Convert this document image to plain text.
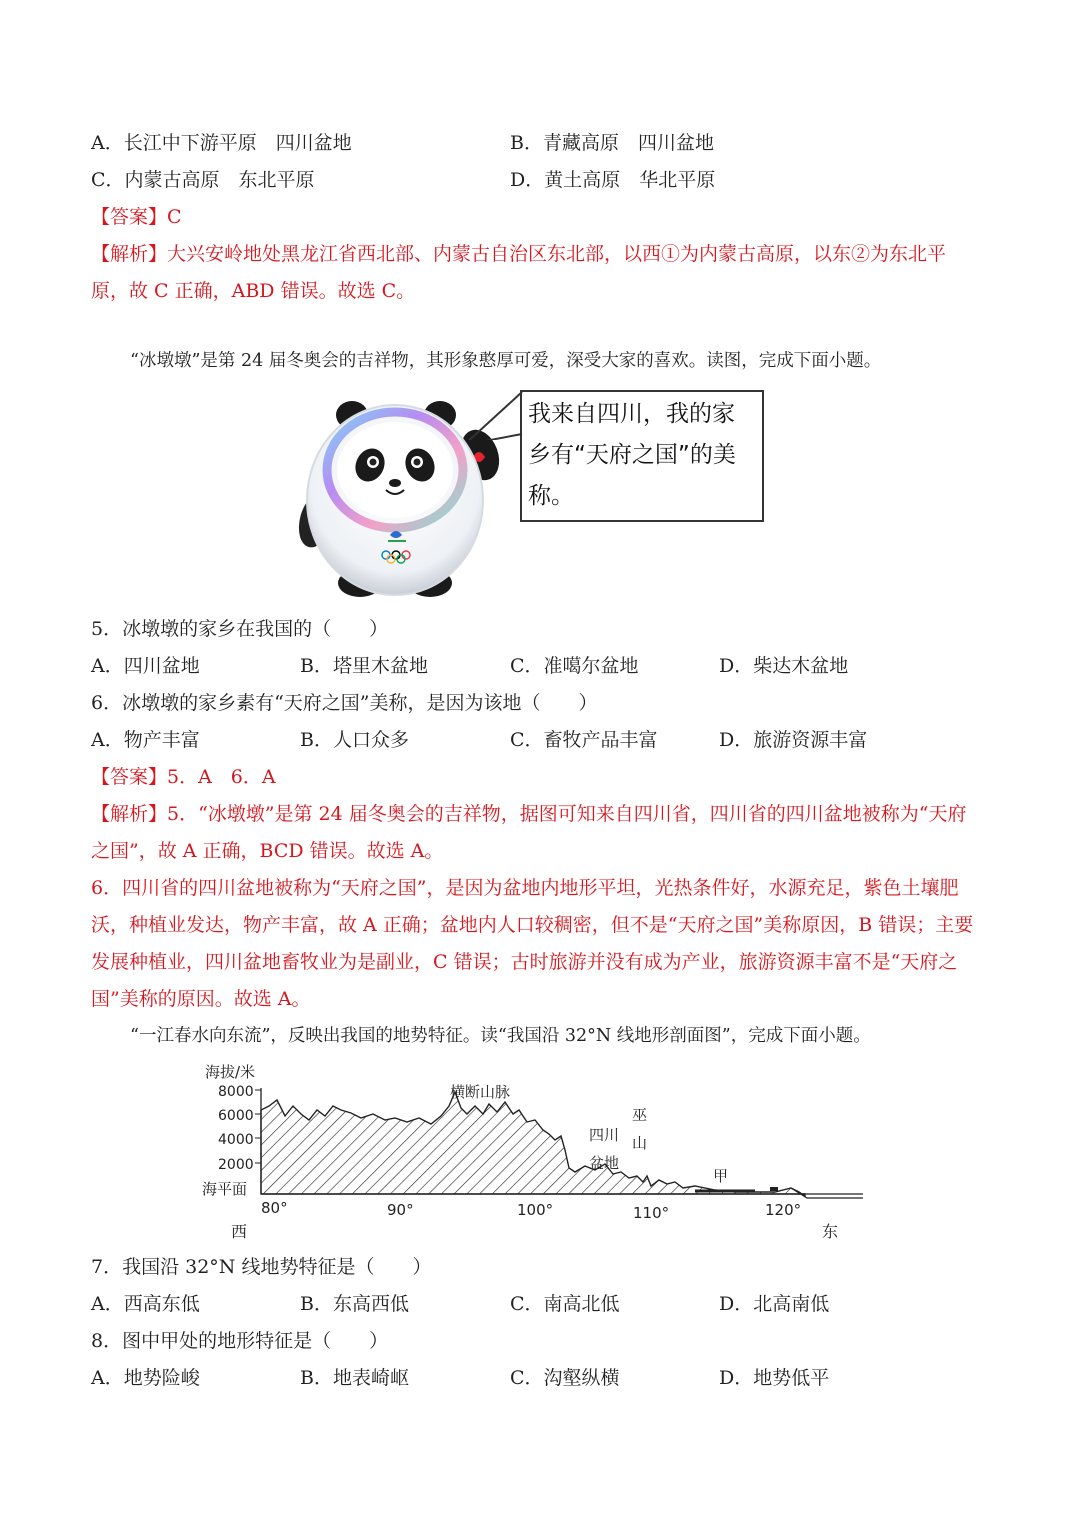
A．长江中下游平原　四川盆地	B．青藏高原　四川盆地
C．内蒙古高原　东北平原	D．黄土高原　华北平原
【答案】C
【解析】大兴安岭地处黑龙江省西北部、内蒙古自治区东北部，以西①为内蒙古高原，以东②为东北平原，故 C 正确，ABD 错误。故选 C。
“冰墩墩”是第 24 届冬奥会的吉祥物，其形象憨厚可爱，深受大家的喜欢。读图，完成下面小题。
我来自四川，我的家乡有“天府之国”的美称。
5．冰墩墩的家乡在我国的（　　）
A．四川盆地	B．塔里木盆地	C．准噶尔盆地	D．柴达木盆地
6．冰墩墩的家乡素有“天府之国”美称，是因为该地（　　）
A．物产丰富	B．人口众多	C．畜牧产品丰富	D．旅游资源丰富
【答案】5．A　6．A
【解析】5．“冰墩墩”是第 24 届冬奥会的吉祥物，据图可知来自四川省，四川省的四川盆地被称为“天府之国”，故 A 正确，BCD 错误。故选 A。
6．四川省的四川盆地被称为“天府之国”，是因为盆地内地形平坦，光热条件好，水源充足，紫色土壤肥沃，种植业发达，物产丰富，故 A 正确；盆地内人口较稠密，但不是“天府之国”美称原因，B 错误；主要发展种植业，四川盆地畜牧业为是副业，C 错误；古时旅游并没有成为产业，旅游资源丰富不是“天府之国”美称的原因。故选 A。
“一江春水向东流”，反映出我国的地势特征。读“我国沿 32°N 线地形剖面图”，完成下面小题。
海拔/米
8000
6000
4000
2000
海平面
横断山脉
四川
盆地
巫
山
甲
80°	90°	100°	110°	120°
西	东
7．我国沿 32°N 线地势特征是（　　）
A．西高东低	B．东高西低	C．南高北低	D．北高南低
8．图中甲处的地形特征是（　　）
A．地势险峻	B．地表崎岖	C．沟壑纵横	D．地势低平
